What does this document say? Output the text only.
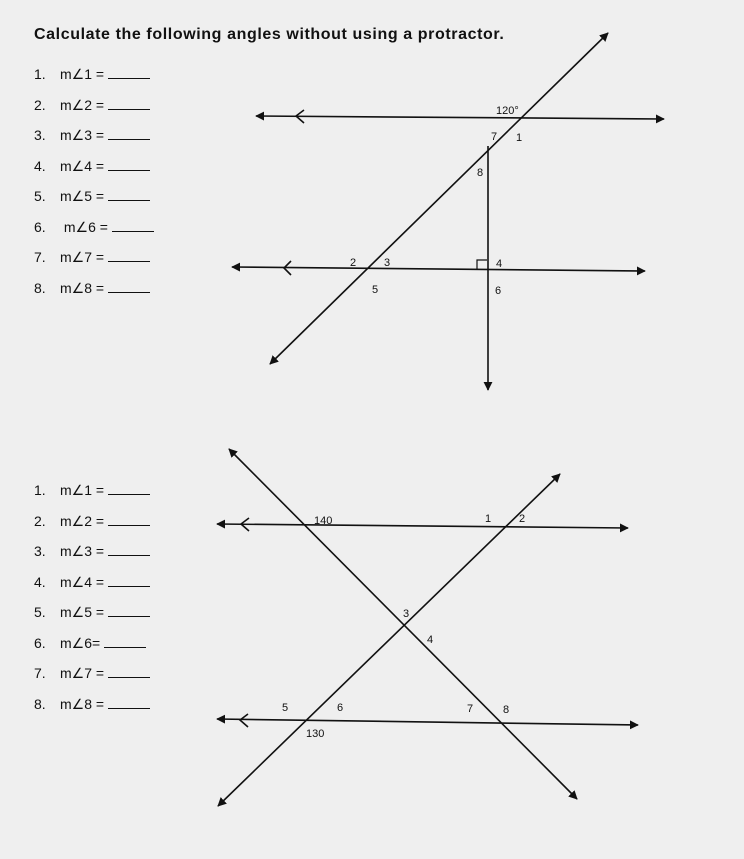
Calculate the following angles without using a protractor.
1. m∠1 =
2. m∠2 =
3. m∠3 =
4. m∠4 =
5. m∠5 =
6. m∠6 =
7. m∠7 =
8. m∠8 =
1. m∠1 =
2. m∠2 =
3. m∠3 =
4. m∠4 =
5. m∠5 =
6. m∠6=
7. m∠7 =
8. m∠8 =
120°
1
7
8
2	3	4
5	6
140	1	2
3
4
5	6	7	8
130
